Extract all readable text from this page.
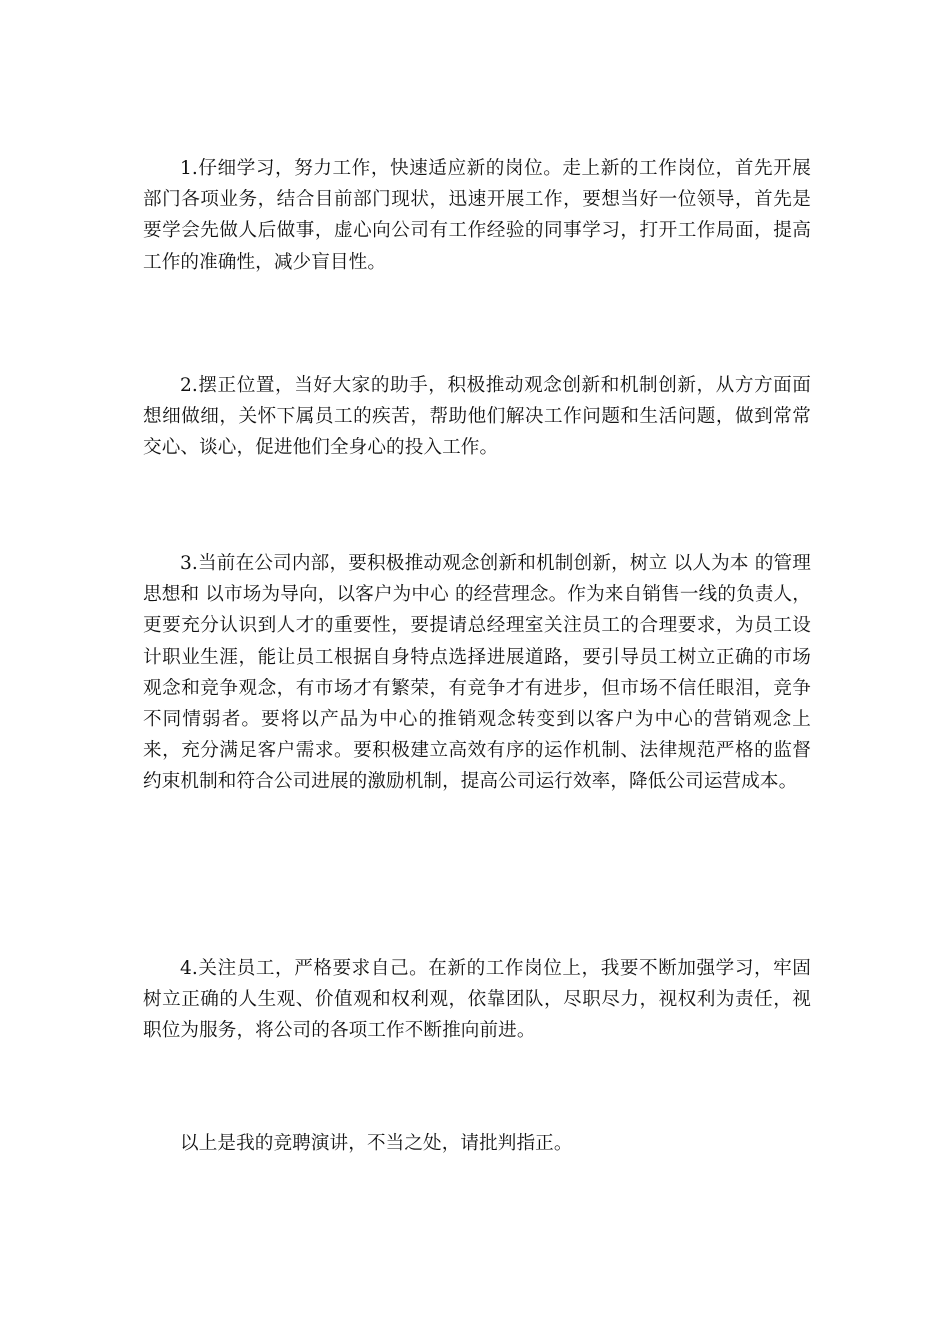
1.仔细学习，努力工作，快速适应新的岗位。走上新的工作岗位，首先开展部门各项业务，结合目前部门现状，迅速开展工作，要想当好一位领导，首先是要学会先做人后做事，虚心向公司有工作经验的同事学习，打开工作局面，提高工作的准确性，减少盲目性。

2.摆正位置，当好大家的助手，积极推动观念创新和机制创新，从方方面面想细做细，关怀下属员工的疾苦，帮助他们解决工作问题和生活问题，做到常常交心、谈心，促进他们全身心的投入工作。

3.当前在公司内部，要积极推动观念创新和机制创新，树立 以人为本 的管理思想和 以市场为导向，以客户为中心 的经营理念。作为来自销售一线的负责人，更要充分认识到人才的重要性，要提请总经理室关注员工的合理要求，为员工设计职业生涯，能让员工根据自身特点选择进展道路，要引导员工树立正确的市场观念和竞争观念，有市场才有繁荣，有竞争才有进步，但市场不信任眼泪，竞争不同情弱者。要将以产品为中心的推销观念转变到以客户为中心的营销观念上来，充分满足客户需求。要积极建立高效有序的运作机制、法律规范严格的监督约束机制和符合公司进展的激励机制，提高公司运行效率，降低公司运营成本。

4.关注员工，严格要求自己。在新的工作岗位上，我要不断加强学习，牢固树立正确的人生观、价值观和权利观，依靠团队，尽职尽力，视权利为责任，视职位为服务，将公司的各项工作不断推向前进。

以上是我的竞聘演讲，不当之处，请批判指正。
